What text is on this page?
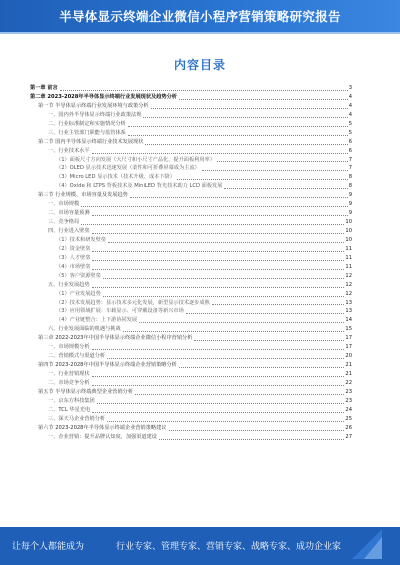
半导体显示终端企业微信小程序营销策略研究报告
内容目录
第一章 前言	3
第二章 2023-2028年半导体显示终端行业发展现状及趋势分析	4
第一节 半导体显示终端行业发展环境与政策分析	4
一、国内外半导体显示终端行业政策法规	4
二、行业标准制定和实施情况分析	5
三、行业主管部门职能与监管体系	5
第二节 国内半导体显示终端行业技术发展现状	6
一、行业技术水平	6
（1）面板尺寸方向发展（大尺寸和小尺寸产品化，提升面板利用率）	7
（2）OLED 显示技术迅速发展（柔性和可折叠屏幕成为主流）	7
（3）Micro LED 显示技术（技术升级、成本下降）	8
（4）Oxide 和 LTPS 背板技术及 MiniLED 背光技术助力 LCD 面板发展	8
第三节 行业规模、市场容量及发展趋势	9
一、市场规模	9
二、市场容量预测	9
三、竞争格局	10
四、行业进入壁垒	10
（1）技术和研发壁垒	10
（2）资金壁垒	11
（3）人才壁垒	11
（4）市场壁垒	11
（5）客户资源壁垒	12
五、行业发展趋势	12
（1）产业发展趋势	12
（2）技术发展趋势：显示技术多元化发展，新型显示技术逐步成熟	13
（3）应用领域扩展：车载显示、可穿戴设备等新兴市场	13
（4）产业链整合：上下游协同发展	14
六、行业发展面临的机遇与挑战	15
第三章 2022-2023年中国半导体显示终端企业微信小程序营销分析	17
一、市场规模分析	17
二、营销模式与渠道分析	20
第四节 2023-2028年中国半导体显示终端企业营销策略分析	21
一、行业营销现状	21
二、市场竞争分析	22
第五节 半导体显示终端典型企业营销分析	23
一、京东方科技集团	23
二、TCL 华星光电	24
三、深天马企业营销分析	25
第六节 2023-2028年半导体显示终端企业营销策略建议	26
一、企业营销：提升品牌认知度，加强渠道建设	27
让每个人都能成为	行业专家、管理专家、营销专家、战略专家、成功企业家
